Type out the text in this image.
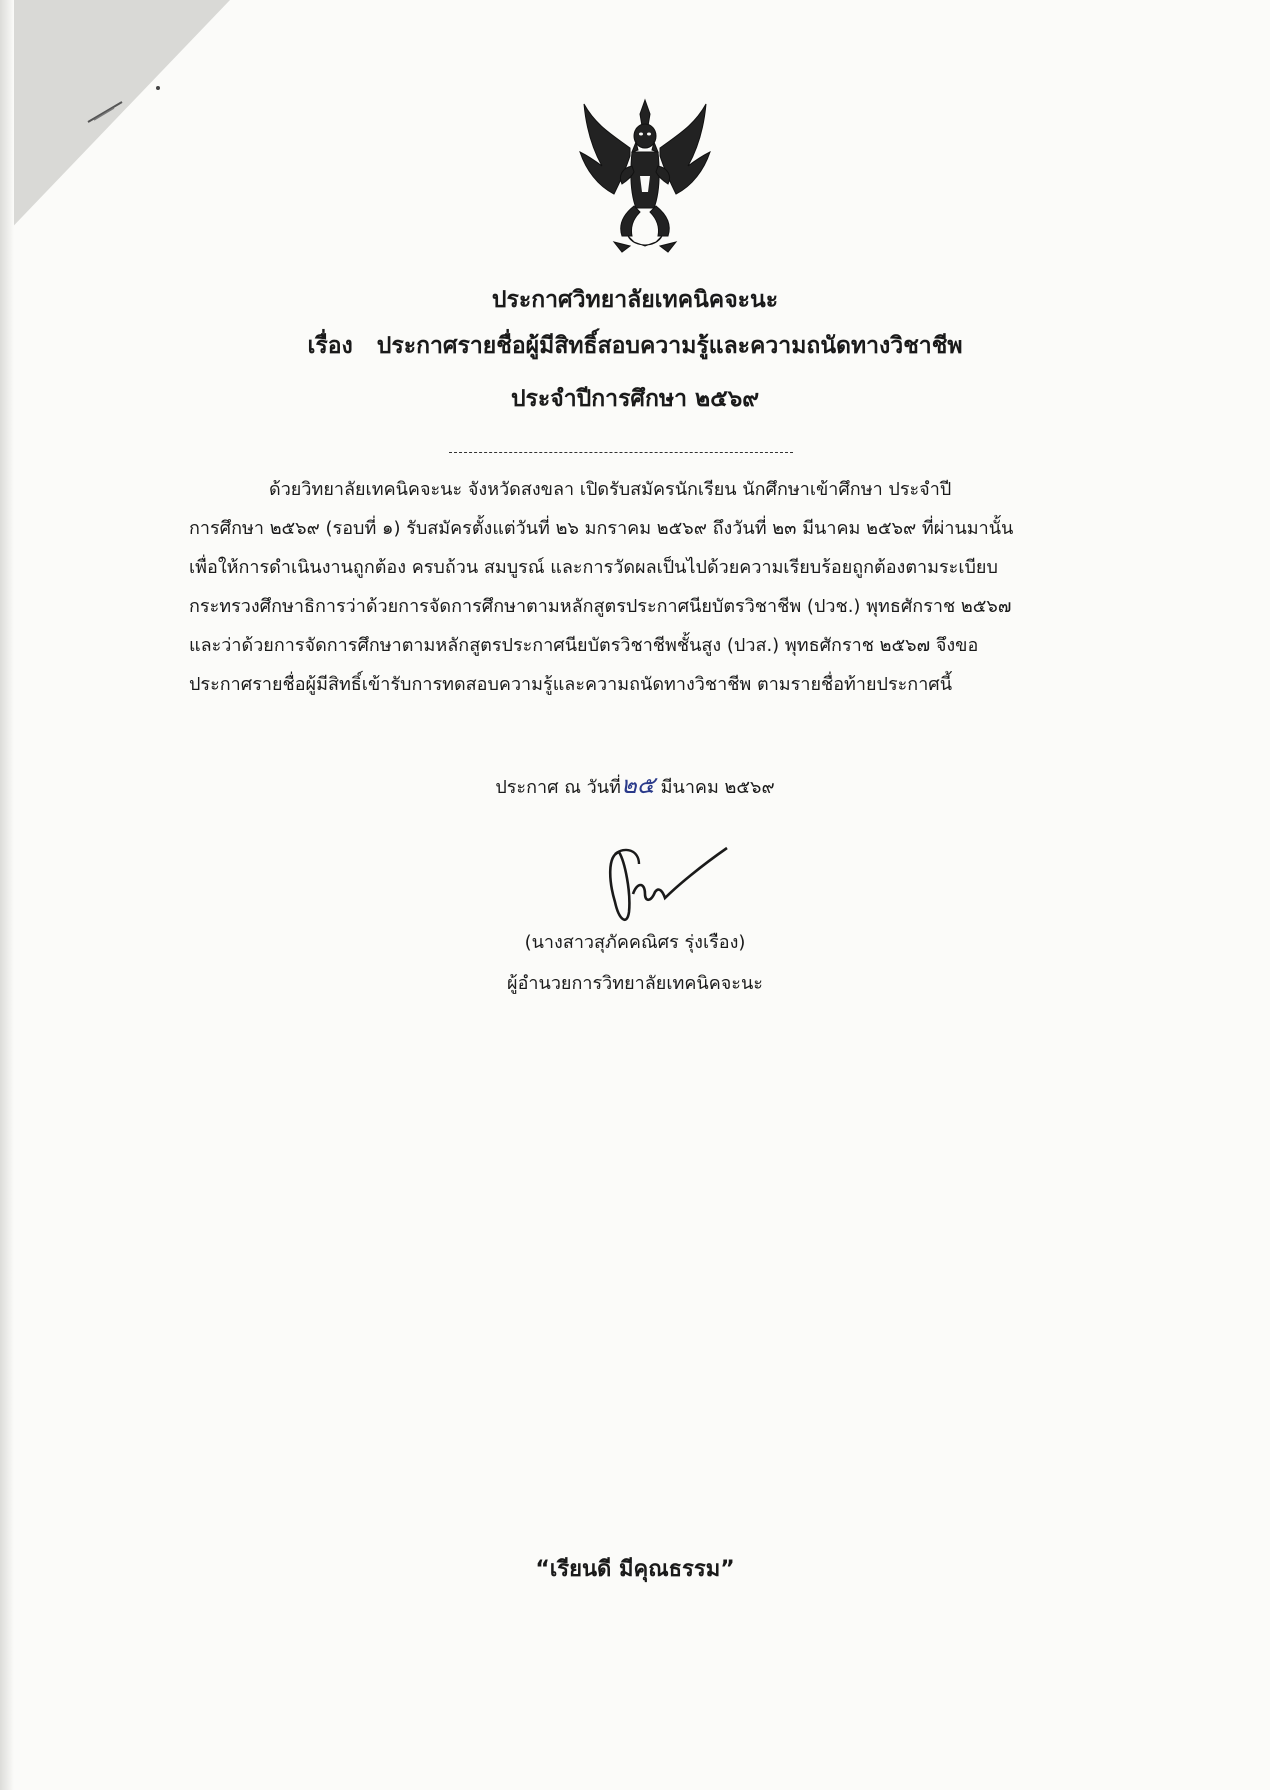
ประกาศวิทยาลัยเทคนิคจะนะ
เรื่อง ประกาศรายชื่อผู้มีสิทธิ์สอบความรู้และความถนัดทางวิชาชีพ
ประจำปีการศึกษา ๒๕๖๙
ด้วยวิทยาลัยเทคนิคจะนะ จังหวัดสงขลา เปิดรับสมัครนักเรียน นักศึกษาเข้าศึกษา ประจำปี
การศึกษา ๒๕๖๙ (รอบที่ ๑) รับสมัครตั้งแต่วันที่ ๒๖ มกราคม ๒๕๖๙ ถึงวันที่ ๒๓ มีนาคม ๒๕๖๙ ที่ผ่านมานั้น
เพื่อให้การดำเนินงานถูกต้อง ครบถ้วน สมบูรณ์ และการวัดผลเป็นไปด้วยความเรียบร้อยถูกต้องตามระเบียบ
กระทรวงศึกษาธิการว่าด้วยการจัดการศึกษาตามหลักสูตรประกาศนียบัตรวิชาชีพ (ปวช.) พุทธศักราช ๒๕๖๗
และว่าด้วยการจัดการศึกษาตามหลักสูตรประกาศนียบัตรวิชาชีพชั้นสูง (ปวส.) พุทธศักราช ๒๕๖๗ จึงขอ
ประกาศรายชื่อผู้มีสิทธิ์เข้ารับการทดสอบความรู้และความถนัดทางวิชาชีพ ตามรายชื่อท้ายประกาศนี้
ประกาศ ณ วันที่๒๕ มีนาคม ๒๕๖๙
(นางสาวสุภัคคณิศร รุ่งเรือง)
ผู้อำนวยการวิทยาลัยเทคนิคจะนะ
“เรียนดี มีคุณธรรม”
